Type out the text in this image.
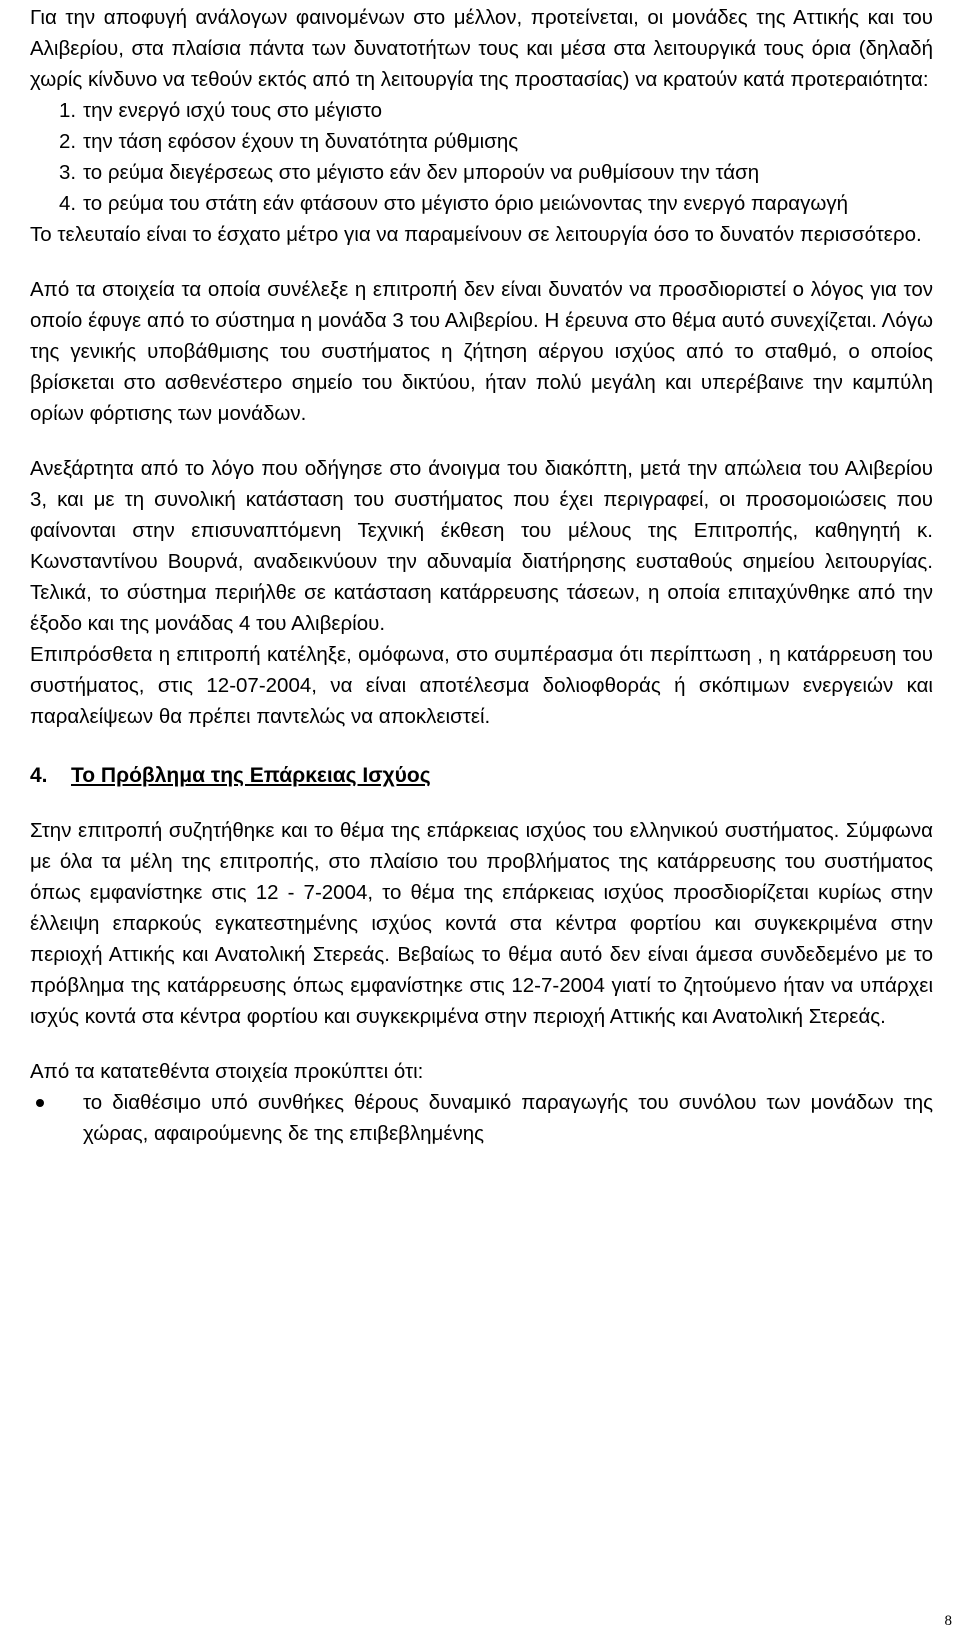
Για την αποφυγή ανάλογων φαινομένων στο μέλλον, προτείνεται, οι μονάδες της Αττικής και του Αλιβερίου, στα πλαίσια πάντα των δυνατοτήτων τους και μέσα στα λειτουργικά τους όρια (δηλαδή χωρίς κίνδυνο να τεθούν εκτός από τη λειτουργία της προστασίας) να κρατούν κατά προτεραιότητα:

1. την ενεργό ισχύ τους στο μέγιστο
2. την τάση εφόσον έχουν τη δυνατότητα ρύθμισης
3. το ρεύμα διεγέρσεως στο μέγιστο εάν δεν μπορούν να ρυθμίσουν την τάση
4. το ρεύμα του στάτη εάν φτάσουν στο μέγιστο όριο μειώνοντας την ενεργό παραγωγή

Το τελευταίο είναι το έσχατο μέτρο για να παραμείνουν σε λειτουργία όσο το δυνατόν περισσότερο.

Από τα στοιχεία τα οποία συνέλεξε η επιτροπή δεν είναι δυνατόν να προσδιοριστεί ο λόγος για τον οποίο έφυγε από το σύστημα η μονάδα 3 του Αλιβερίου. Η έρευνα στο θέμα αυτό συνεχίζεται. Λόγω της γενικής υποβάθμισης του συστήματος η ζήτηση αέργου ισχύος από το σταθμό, ο οποίος βρίσκεται στο ασθενέστερο σημείο του δικτύου, ήταν πολύ μεγάλη και υπερέβαινε την καμπύλη ορίων φόρτισης των μονάδων.

Ανεξάρτητα από το λόγο που οδήγησε στο άνοιγμα του διακόπτη, μετά την απώλεια του Αλιβερίου 3, και με τη συνολική κατάσταση του συστήματος που έχει περιγραφεί, οι προσομοιώσεις που φαίνονται στην επισυναπτόμενη Τεχνική έκθεση του μέλους της Επιτροπής, καθηγητή κ. Κωνσταντίνου Βουρνά, αναδεικνύουν την αδυναμία διατήρησης ευσταθούς σημείου λειτουργίας. Τελικά, το σύστημα περιήλθε σε κατάσταση κατάρρευσης τάσεων, η οποία επιταχύνθηκε από την έξοδο και της μονάδας 4 του Αλιβερίου.

Επιπρόσθετα η επιτροπή κατέληξε, ομόφωνα, στο συμπέρασμα ότι περίπτωση , η κατάρρευση του συστήματος, στις 12-07-2004, να είναι αποτέλεσμα δολιοφθοράς ή σκόπιμων ενεργειών και παραλείψεων θα πρέπει παντελώς να αποκλειστεί.

4. Το Πρόβλημα της Επάρκειας Ισχύος

Στην επιτροπή συζητήθηκε και το θέμα της επάρκειας ισχύος του ελληνικού συστήματος. Σύμφωνα με όλα τα μέλη της επιτροπής, στο πλαίσιο του προβλήματος της κατάρρευσης του συστήματος όπως εμφανίστηκε στις 12 - 7-2004, το θέμα της επάρκειας ισχύος προσδιορίζεται κυρίως στην έλλειψη επαρκούς εγκατεστημένης ισχύος κοντά στα κέντρα φορτίου και συγκεκριμένα στην περιοχή Αττικής και Ανατολική Στερεάς. Βεβαίως το θέμα αυτό δεν είναι άμεσα συνδεδεμένο με το πρόβλημα της κατάρρευσης όπως εμφανίστηκε στις 12-7-2004 γιατί το ζητούμενο ήταν να υπάρχει ισχύς κοντά στα κέντρα φορτίου και συγκεκριμένα στην περιοχή Αττικής και Ανατολική Στερεάς.

Από τα κατατεθέντα στοιχεία προκύπτει ότι:

το διαθέσιμο υπό συνθήκες θέρους δυναμικό παραγωγής του συνόλου των μονάδων της χώρας, αφαιρούμενης δε της επιβεβλημένης
8
